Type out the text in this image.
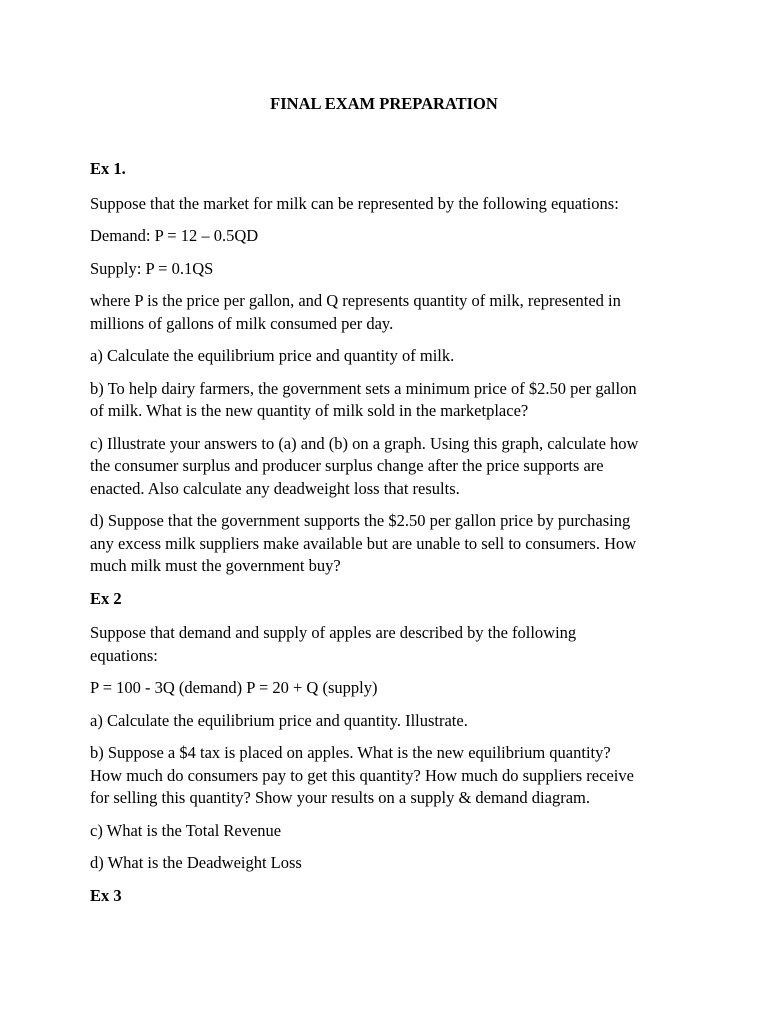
FINAL EXAM PREPARATION

Ex 1.

Suppose that the market for milk can be represented by the following equations:

Demand: P = 12 – 0.5QD

Supply: P = 0.1QS

where P is the price per gallon, and Q represents quantity of milk, represented in
millions of gallons of milk consumed per day.

a) Calculate the equilibrium price and quantity of milk.

b) To help dairy farmers, the government sets a minimum price of $2.50 per gallon
of milk. What is the new quantity of milk sold in the marketplace?

c) Illustrate your answers to (a) and (b) on a graph. Using this graph, calculate how
the consumer surplus and producer surplus change after the price supports are
enacted. Also calculate any deadweight loss that results.

d) Suppose that the government supports the $2.50 per gallon price by purchasing
any excess milk suppliers make available but are unable to sell to consumers. How
much milk must the government buy?

Ex 2

Suppose that demand and supply of apples are described by the following
equations:

P = 100 - 3Q (demand) P = 20 + Q (supply)

a) Calculate the equilibrium price and quantity. Illustrate.

b) Suppose a $4 tax is placed on apples. What is the new equilibrium quantity?
How much do consumers pay to get this quantity? How much do suppliers receive
for selling this quantity? Show your results on a supply & demand diagram.

c) What is the Total Revenue

d) What is the Deadweight Loss

Ex 3
